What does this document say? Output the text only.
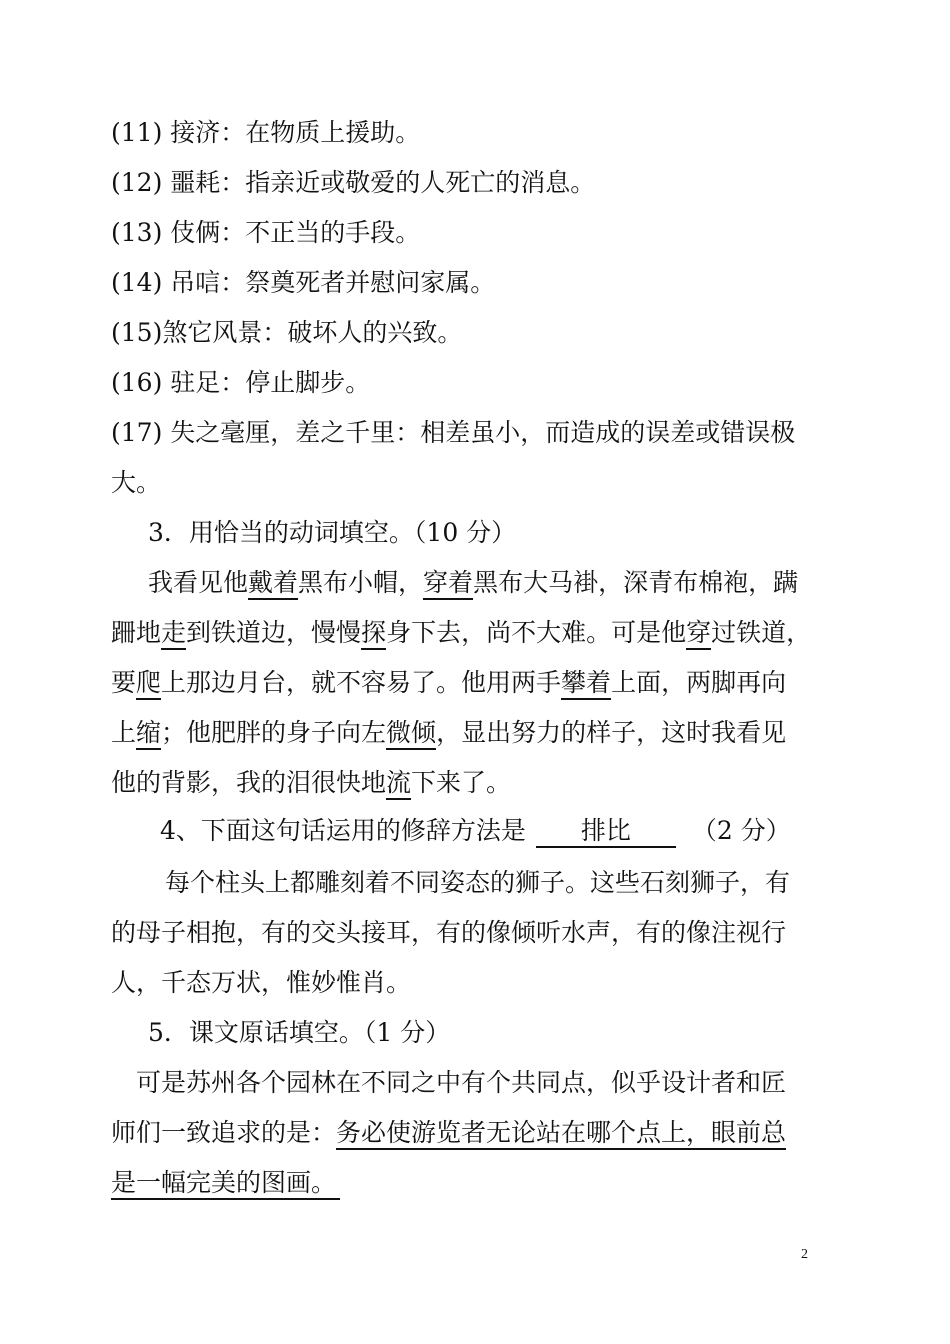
(11) 接济：在物质上援助。
(12) 噩耗：指亲近或敬爱的人死亡的消息。
(13) 伎俩：不正当的手段。
(14) 吊唁：祭奠死者并慰问家属。
(15)煞它风景：破坏人的兴致。
(16) 驻足：停止脚步。
(17) 失之毫厘，差之千里：相差虽小，而造成的误差或错误极
大。
3．用恰当的动词填空。（10 分）
我看见他戴着黑布小帽，穿着黑布大马褂，深青布棉袍，蹒
跚地走到铁道边，慢慢探身下去，尚不大难。可是他穿过铁道，
要爬上那边月台，就不容易了。他用两手攀着上面，两脚再向
上缩；他肥胖的身子向左微倾，显出努力的样子，这时我看见
他的背影，我的泪很快地流下来了。
4、下面这句话运用的修辞方法是 排比 （2 分）
每个柱头上都雕刻着不同姿态的狮子。这些石刻狮子，有
的母子相抱，有的交头接耳，有的像倾听水声，有的像注视行
人，千态万状，惟妙惟肖。
5．课文原话填空。（1 分）
可是苏州各个园林在不同之中有个共同点，似乎设计者和匠
师们一致追求的是：务必使游览者无论站在哪个点上，眼前总
是一幅完美的图画。
2
